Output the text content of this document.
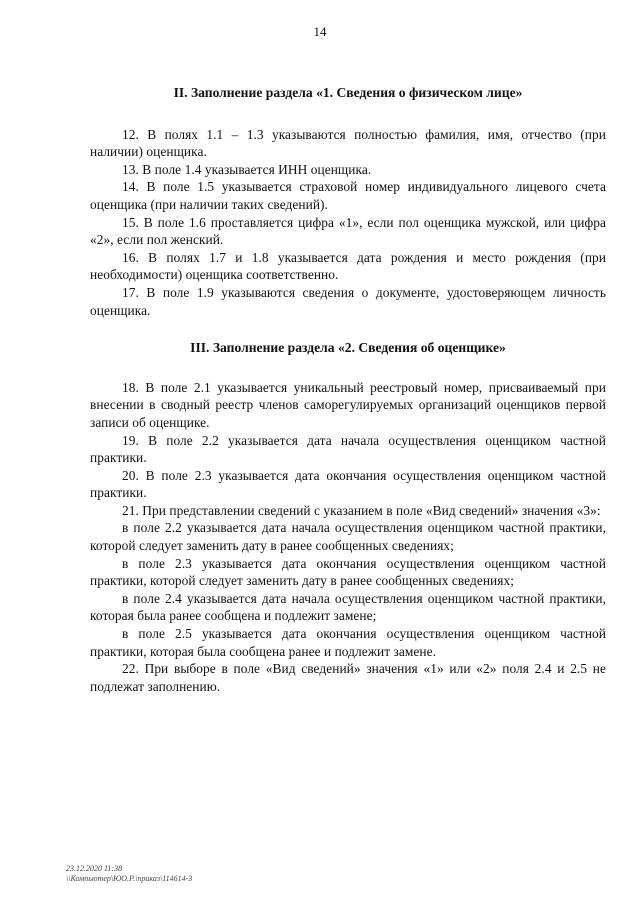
14
II. Заполнение раздела «1. Сведения о физическом лице»

12. В полях 1.1 – 1.3 указываются полностью фамилия, имя, отчество (при наличии) оценщика.

13. В поле 1.4 указывается ИНН оценщика.

14. В поле 1.5 указывается страховой номер индивидуального лицевого счета оценщика (при наличии таких сведений).

15. В поле 1.6 проставляется цифра «1», если пол оценщика мужской, или цифра «2», если пол женский.

16. В полях 1.7 и 1.8 указывается дата рождения и место рождения (при необходимости) оценщика соответственно.

17. В поле 1.9 указываются сведения о документе, удостоверяющем личность оценщика.

III. Заполнение раздела «2. Сведения об оценщике»

18. В поле 2.1 указывается уникальный реестровый номер, присваиваемый при внесении в сводный реестр членов саморегулируемых организаций оценщиков первой записи об оценщике.

19. В поле 2.2 указывается дата начала осуществления оценщиком частной практики.

20. В поле 2.3 указывается дата окончания осуществления оценщиком частной практики.

21. При представлении сведений с указанием в поле «Вид сведений» значения «3»:

в поле 2.2 указывается дата начала осуществления оценщиком частной практики, которой следует заменить дату в ранее сообщенных сведениях;

в поле 2.3 указывается дата окончания осуществления оценщиком частной практики, которой следует заменить дату в ранее сообщенных сведениях;

в поле 2.4 указывается дата начала осуществления оценщиком частной практики, которая была ранее сообщена и подлежит замене;

в поле 2.5 указывается дата окончания осуществления оценщиком частной практики, которая была сообщена ранее и подлежит замене.

22. При выборе в поле «Вид сведений» значения «1» или «2» поля 2.4 и 2.5 не подлежат заполнению.

23.12.2020 11:38
\\Компьютер\ЮО.Р.\приказ\114614-3
